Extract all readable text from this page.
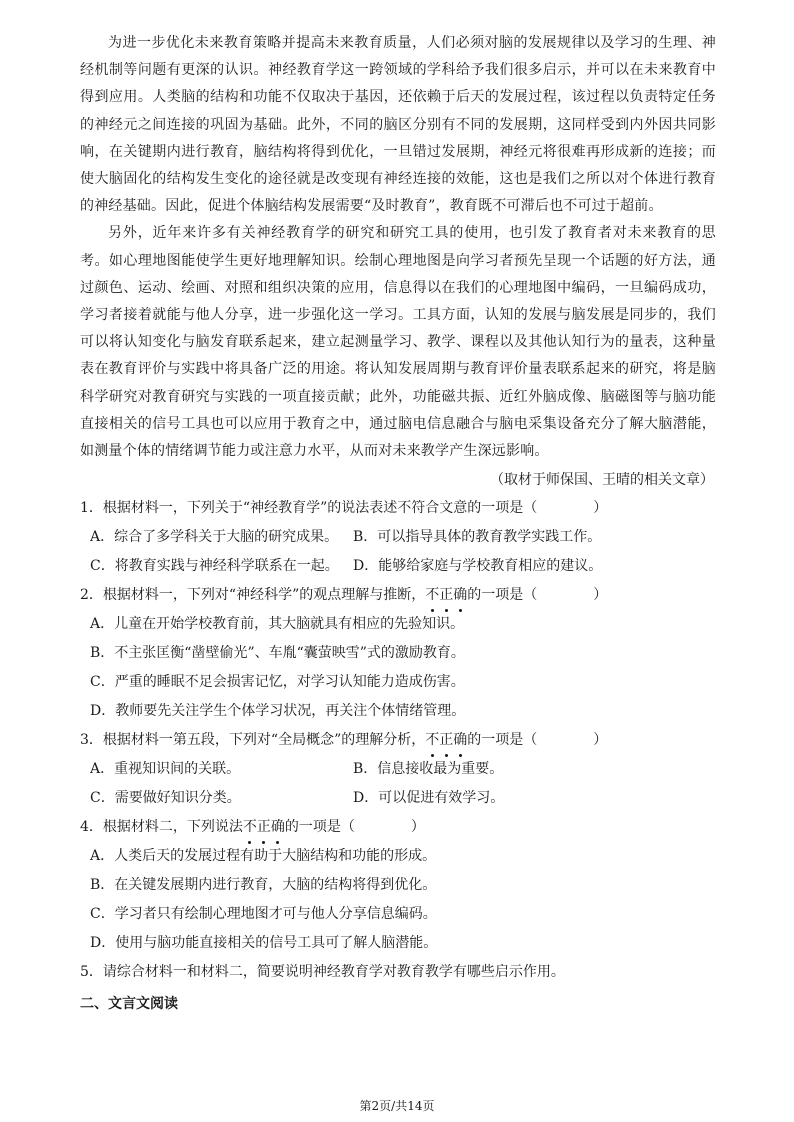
为进一步优化未来教育策略并提高未来教育质量，人们必须对脑的发展规律以及学习的生理、神经机制等问题有更深的认识。神经教育学这一跨领域的学科给予我们很多启示，并可以在未来教育中得到应用。人类脑的结构和功能不仅取决于基因，还依赖于后天的发展过程，该过程以负责特定任务的神经元之间连接的巩固为基础。此外，不同的脑区分别有不同的发展期，这同样受到内外因共同影响，在关键期内进行教育，脑结构将得到优化，一旦错过发展期，神经元将很难再形成新的连接；而使大脑固化的结构发生变化的途径就是改变现有神经连接的效能，这也是我们之所以对个体进行教育的神经基础。因此，促进个体脑结构发展需要“及时教育”，教育既不可滞后也不可过于超前。

另外，近年来许多有关神经教育学的研究和研究工具的使用，也引发了教育者对未来教育的思考。如心理地图能使学生更好地理解知识。绘制心理地图是向学习者预先呈现一个话题的好方法，通过颜色、运动、绘画、对照和组织决策的应用，信息得以在我们的心理地图中编码，一旦编码成功，学习者接着就能与他人分享，进一步强化这一学习。工具方面，认知的发展与脑发展是同步的，我们可以将认知变化与脑发育联系起来，建立起测量学习、教学、课程以及其他认知行为的量表，这种量表在教育评价与实践中将具备广泛的用途。将认知发展周期与教育评价量表联系起来的研究，将是脑科学研究对教育研究与实践的一项直接贡献；此外，功能磁共振、近红外脑成像、脑磁图等与脑功能直接相关的信号工具也可以应用于教育之中，通过脑电信息融合与脑电采集设备充分了解大脑潜能，如测量个体的情绪调节能力或注意力水平，从而对未来教学产生深远影响。

（取材于师保国、王晴的相关文章）

1．根据材料一，下列关于“神经教育学”的说法表述不符合文意的一项是（	）

A．综合了多学科关于大脑的研究成果。	B．可以指导具体的教育教学实践工作。
C．将教育实践与神经科学联系在一起。	D．能够给家庭与学校教育相应的建议。

2．根据材料一，下列对“神经科学”的观点理解与推断，不正确的一项是（	）

A．儿童在开始学校教育前，其大脑就具有相应的先验知识。
B．不主张匡衡“凿壁偷光”、车胤“囊萤映雪”式的激励教育。
C．严重的睡眠不足会损害记忆，对学习认知能力造成伤害。
D．教师要先关注学生个体学习状况，再关注个体情绪管理。

3．根据材料一第五段，下列对“全局概念”的理解分析，不正确的一项是（	）

A．重视知识间的关联。	B．信息接收最为重要。
C．需要做好知识分类。	D．可以促进有效学习。

4．根据材料二，下列说法不正确的一项是（	）

A．人类后天的发展过程有助于大脑结构和功能的形成。
B．在关键发展期内进行教育，大脑的结构将得到优化。
C．学习者只有绘制心理地图才可与他人分享信息编码。
D．使用与脑功能直接相关的信号工具可了解人脑潜能。

5．请综合材料一和材料二，简要说明神经教育学对教育教学有哪些启示作用。

二、文言文阅读

第2页/共14页
